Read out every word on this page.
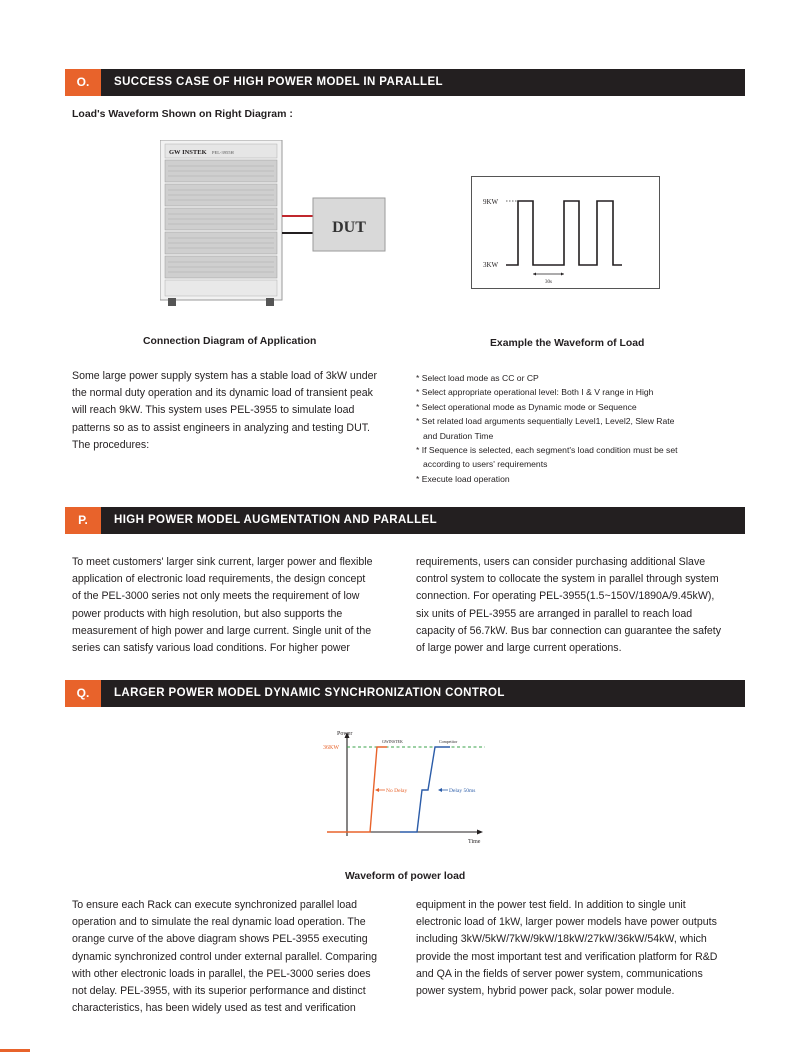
O.	SUCCESS CASE OF HIGH POWER MODEL IN PARALLEL
Load's Waveform Shown on Right Diagram :
GW INSTEK PEL-3955H
DUT
9KW
3KW
30s
Connection Diagram of Application	Example the Waveform of Load

Some large power supply system has a stable load of 3kW under

the normal duty operation and its dynamic load of transient peak

will reach 9kW. This system uses PEL-3955 to simulate load

patterns so as to assist engineers in analyzing and testing DUT.

The procedures:

* Select load mode as CC or CP

* Select appropriate operational level: Both I & V range in High

* Select operational mode as Dynamic mode or Sequence

* Set related load arguments sequentially Level1, Level2, Slew Rate

and Duration Time

* If Sequence is selected, each segment's load condition must be set

according to users' requirements

* Execute load operation

P.	HIGH POWER MODEL AUGMENTATION AND PARALLEL

To meet customers' larger sink current, larger power and flexible

application of electronic load requirements, the design concept

of the PEL-3000 series not only meets the requirement of low

power products with high resolution, but also supports the

measurement of high power and large current. Single unit of the

series can satisfy various load conditions. For higher power

requirements, users can consider purchasing additional Slave

control system to collocate the system in parallel through system

connection. For operating PEL-3955(1.5~150V/1890A/9.45kW),

six units of PEL-3955 are arranged in parallel to reach load

capacity of 56.7kW. Bus bar connection can guarantee the safety

of large power and large current operations.

Q.	LARGER POWER MODEL DYNAMIC SYNCHRONIZATION CONTROL
Power
Time
36KW
GWINSTEK	Competitor
No Delay	Delay 50ms
Waveform of power load

To ensure each Rack can execute synchronized parallel load

operation and to simulate the real dynamic load operation. The

orange curve of the above diagram shows PEL-3955 executing

dynamic synchronized control under external parallel. Comparing

with other electronic loads in parallel, the PEL-3000 series does

not delay. PEL-3955, with its superior performance and distinct

characteristics, has been widely used as test and verification

equipment in the power test field. In addition to single unit

electronic load of 1kW, larger power models have power outputs

including 3kW/5kW/7kW/9kW/18kW/27kW/36kW/54kW, which

provide the most important test and verification platform for R&D

and QA in the fields of server power system, communications

power system, hybrid power pack, solar power module.
